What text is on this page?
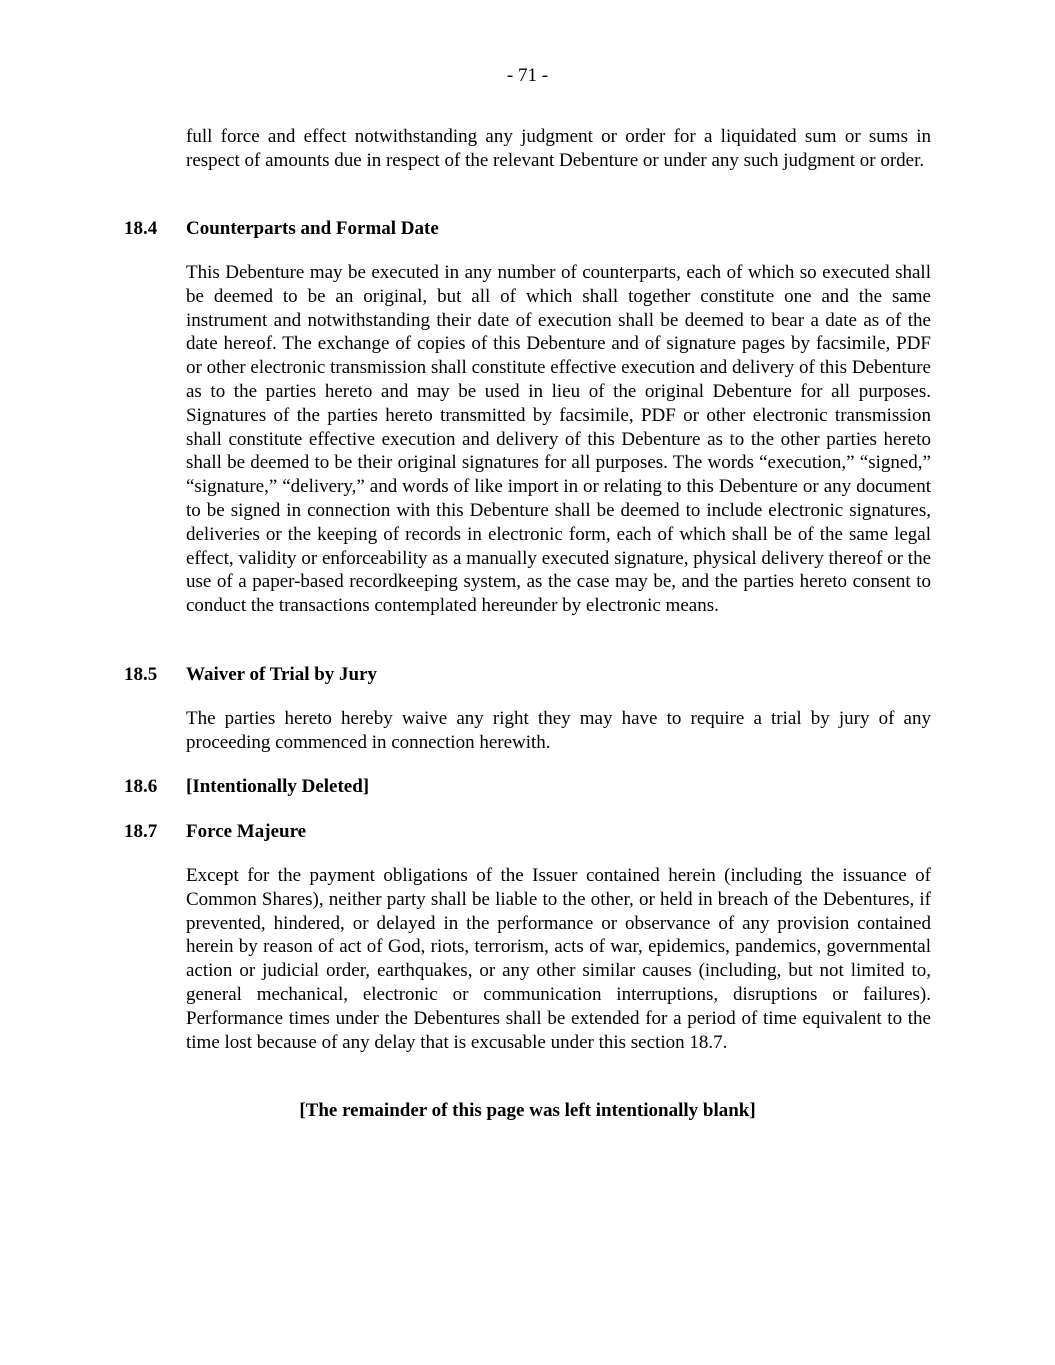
- 71 -

full force and effect notwithstanding any judgment or order for a liquidated sum or sums in respect of amounts due in respect of the relevant Debenture or under any such judgment or order.

18.4 Counterparts and Formal Date

This Debenture may be executed in any number of counterparts, each of which so executed shall be deemed to be an original, but all of which shall together constitute one and the same instrument and notwithstanding their date of execution shall be deemed to bear a date as of the date hereof. The exchange of copies of this Debenture and of signature pages by facsimile, PDF or other electronic transmission shall constitute effective execution and delivery of this Debenture as to the parties hereto and may be used in lieu of the original Debenture for all purposes. Signatures of the parties hereto transmitted by facsimile, PDF or other electronic transmission shall constitute effective execution and delivery of this Debenture as to the other parties hereto shall be deemed to be their original signatures for all purposes. The words “execution,” “signed,” “signature,” “delivery,” and words of like import in or relating to this Debenture or any document to be signed in connection with this Debenture shall be deemed to include electronic signatures, deliveries or the keeping of records in electronic form, each of which shall be of the same legal effect, validity or enforceability as a manually executed signature, physical delivery thereof or the use of a paper-based recordkeeping system, as the case may be, and the parties hereto consent to conduct the transactions contemplated hereunder by electronic means.

18.5 Waiver of Trial by Jury

The parties hereto hereby waive any right they may have to require a trial by jury of any proceeding commenced in connection herewith.

18.6 [Intentionally Deleted]
18.7 Force Majeure

Except for the payment obligations of the Issuer contained herein (including the issuance of Common Shares), neither party shall be liable to the other, or held in breach of the Debentures, if prevented, hindered, or delayed in the performance or observance of any provision contained herein by reason of act of God, riots, terrorism, acts of war, epidemics, pandemics, governmental action or judicial order, earthquakes, or any other similar causes (including, but not limited to, general mechanical, electronic or communication interruptions, disruptions or failures). Performance times under the Debentures shall be extended for a period of time equivalent to the time lost because of any delay that is excusable under this section 18.7.

[The remainder of this page was left intentionally blank]
